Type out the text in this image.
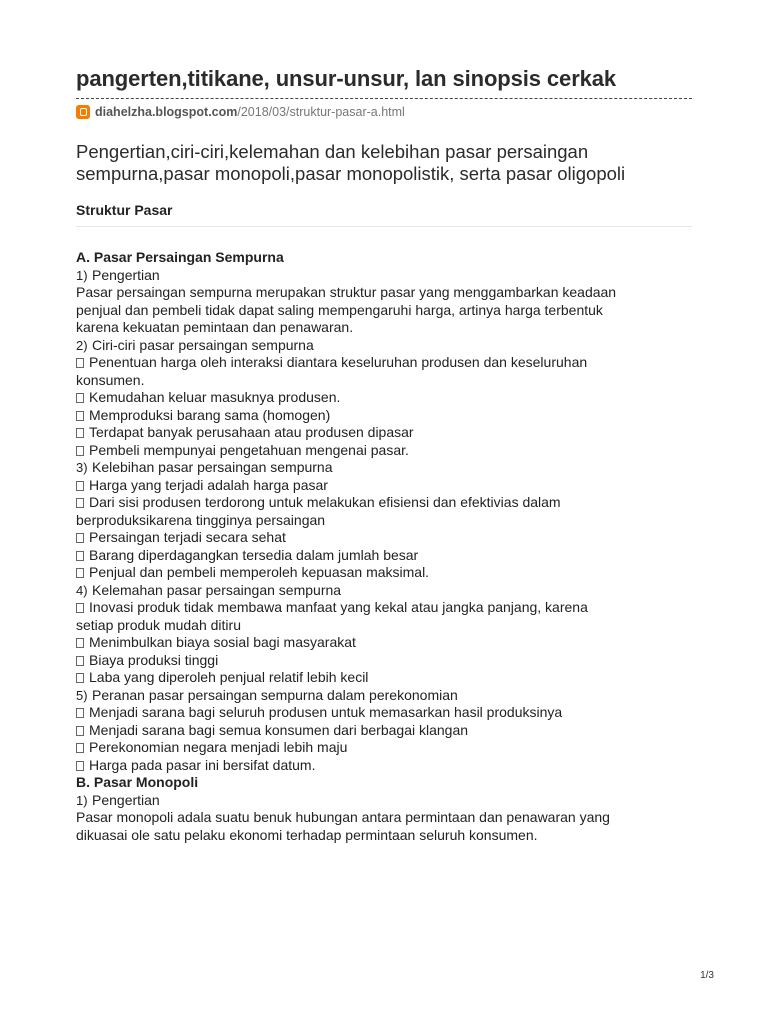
pangerten,titikane, unsur-unsur, lan sinopsis cerkak
diahelzha.blogspot.com /2018/03/struktur-pasar-a.html
Pengertian,ciri-ciri,kelemahan dan kelebihan pasar persaingan
sempurna,pasar monopoli,pasar monopolistik, serta pasar oligopoli
Struktur Pasar
A. Pasar Persaingan Sempurna
1) Pengertian
Pasar persaingan sempurna merupakan struktur pasar yang menggambarkan keadaan
penjual dan pembeli tidak dapat saling mempengaruhi harga, artinya harga terbentuk
karena kekuatan pemintaan dan penawaran.
2) Ciri-ciri pasar persaingan sempurna
Penentuan harga oleh interaksi diantara keseluruhan produsen dan keseluruhan
konsumen.
Kemudahan keluar masuknya produsen.
Memproduksi barang sama (homogen)
Terdapat banyak perusahaan atau produsen dipasar
Pembeli mempunyai pengetahuan mengenai pasar.
3) Kelebihan pasar persaingan sempurna
Harga yang terjadi adalah harga pasar
Dari sisi produsen terdorong untuk melakukan efisiensi dan efektivias dalam
berproduksikarena tingginya persaingan
Persaingan terjadi secara sehat
Barang diperdagangkan tersedia dalam jumlah besar
Penjual dan pembeli memperoleh kepuasan maksimal.
4) Kelemahan pasar persaingan sempurna
Inovasi produk tidak membawa manfaat yang kekal atau jangka panjang, karena
setiap produk mudah ditiru
Menimbulkan biaya sosial bagi masyarakat
Biaya produksi tinggi
Laba yang diperoleh penjual relatif lebih kecil
5) Peranan pasar persaingan sempurna dalam perekonomian
Menjadi sarana bagi seluruh produsen untuk memasarkan hasil produksinya
Menjadi sarana bagi semua konsumen dari berbagai klangan
Perekonomian negara menjadi lebih maju
Harga pada pasar ini bersifat datum.
B. Pasar Monopoli
1) Pengertian
Pasar monopoli adala suatu benuk hubungan antara permintaan dan penawaran yang
dikuasai ole satu pelaku ekonomi terhadap permintaan seluruh konsumen.
1/3
